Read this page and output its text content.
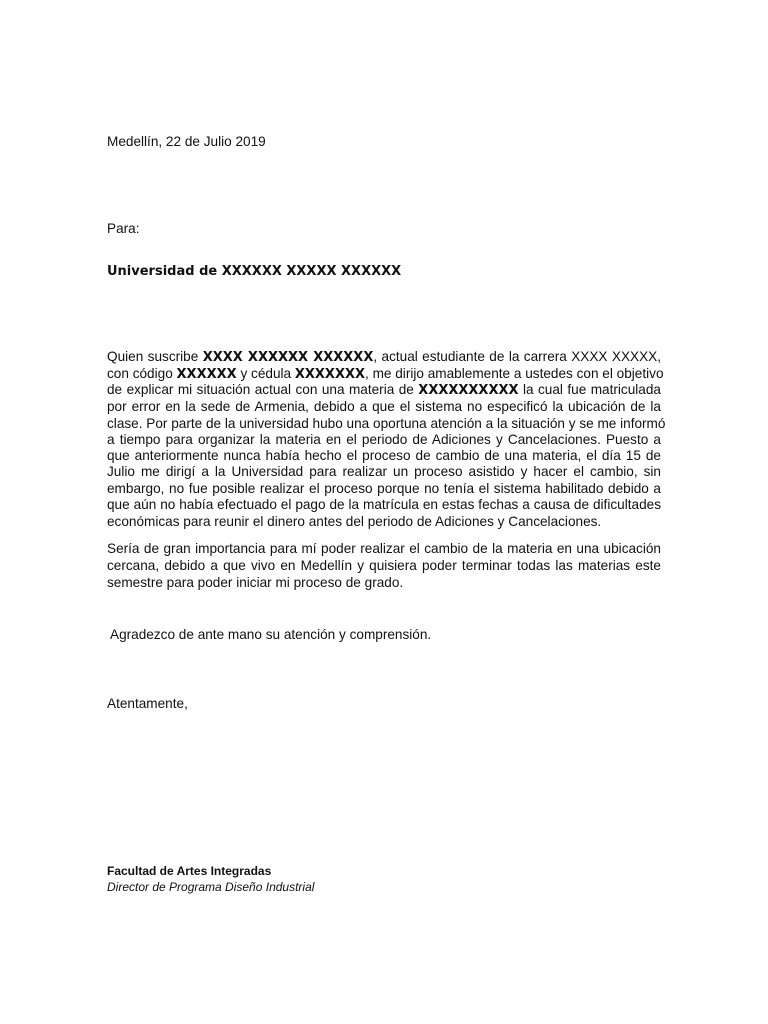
Medellín, 22 de Julio 2019
Para:
Universidad de XXXXXX XXXXX XXXXXX
Quien suscribe XXXX XXXXXX XXXXXX, actual estudiante de la carrera XXXX XXXXX,
con código XXXXXX y cédula XXXXXXX, me dirijo amablemente a ustedes con el objetivo
de explicar mi situación actual con una materia de XXXXXXXXXX la cual fue matriculada
por error en la sede de Armenia, debido a que el sistema no especificó la ubicación de la
clase. Por parte de la universidad hubo una oportuna atención a la situación y se me informó
a tiempo para organizar la materia en el periodo de Adiciones y Cancelaciones. Puesto a
que anteriormente nunca había hecho el proceso de cambio de una materia, el día 15 de
Julio me dirigí a la Universidad para realizar un proceso asistido y hacer el cambio, sin
embargo, no fue posible realizar el proceso porque no tenía el sistema habilitado debido a
que aún no había efectuado el pago de la matrícula en estas fechas a causa de dificultades
económicas para reunir el dinero antes del periodo de Adiciones y Cancelaciones.
Sería de gran importancia para mí poder realizar el cambio de la materia en una ubicación
cercana, debido a que vivo en Medellín y quisiera poder terminar todas las materias este
semestre para poder iniciar mi proceso de grado.
Agradezco de ante mano su atención y comprensión.
Atentamente,
Facultad de Artes Integradas
Director de Programa Diseño Industrial
